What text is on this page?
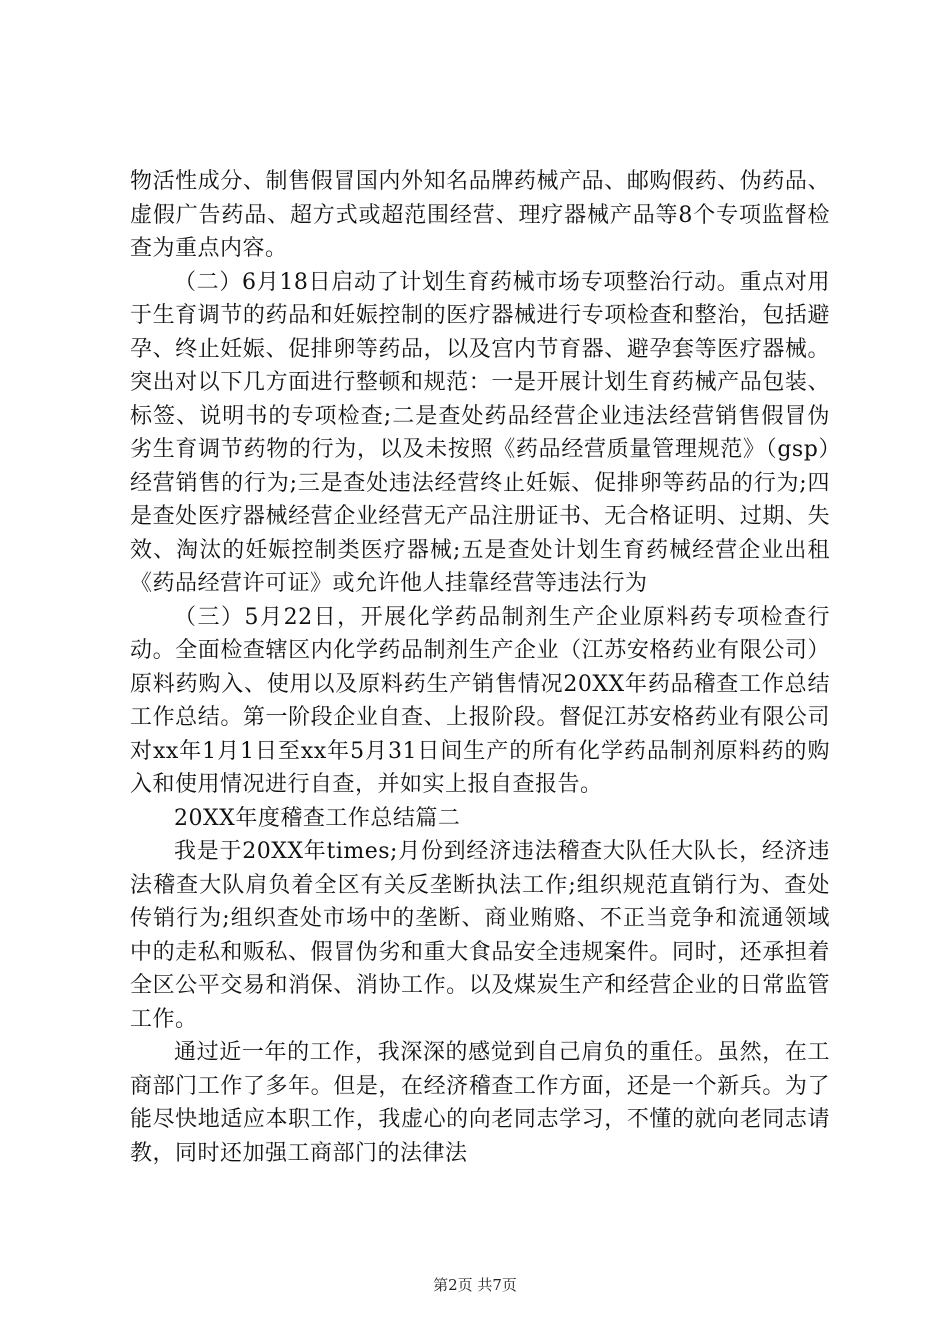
物活性成分、制售假冒国内外知名品牌药械产品、邮购假药、伪药品、虚假广告药品、超方式或超范围经营、理疗器械产品等8个专项监督检查为重点内容。

（二）6月18日启动了计划生育药械市场专项整治行动。重点对用于生育调节的药品和妊娠控制的医疗器械进行专项检查和整治，包括避孕、终止妊娠、促排卵等药品，以及宫内节育器、避孕套等医疗器械。突出对以下几方面进行整顿和规范：一是开展计划生育药械产品包装、标签、说明书的专项检查;二是查处药品经营企业违法经营销售假冒伪劣生育调节药物的行为，以及未按照《药品经营质量管理规范》（gsp）经营销售的行为;三是查处违法经营终止妊娠、促排卵等药品的行为;四是查处医疗器械经营企业经营无产品注册证书、无合格证明、过期、失效、淘汰的妊娠控制类医疗器械;五是查处计划生育药械经营企业出租《药品经营许可证》或允许他人挂靠经营等违法行为

（三）5月22日，开展化学药品制剂生产企业原料药专项检查行动。全面检查辖区内化学药品制剂生产企业（江苏安格药业有限公司）原料药购入、使用以及原料药生产销售情况20XX年药品稽查工作总结工作总结。第一阶段企业自查、上报阶段。督促江苏安格药业有限公司对xx年1月1日至xx年5月31日间生产的所有化学药品制剂原料药的购入和使用情况进行自查，并如实上报自查报告。

20XX年度稽查工作总结篇二

我是于20XX年times;月份到经济违法稽查大队任大队长，经济违法稽查大队肩负着全区有关反垄断执法工作;组织规范直销行为、查处传销行为;组织查处市场中的垄断、商业贿赂、不正当竞争和流通领域中的走私和贩私、假冒伪劣和重大食品安全违规案件。同时，还承担着全区公平交易和消保、消协工作。以及煤炭生产和经营企业的日常监管工作。

通过近一年的工作，我深深的感觉到自己肩负的重任。虽然，在工商部门工作了多年。但是，在经济稽查工作方面，还是一个新兵。为了能尽快地适应本职工作，我虚心的向老同志学习，不懂的就向老同志请教，同时还加强工商部门的法律法

第2页 共7页
